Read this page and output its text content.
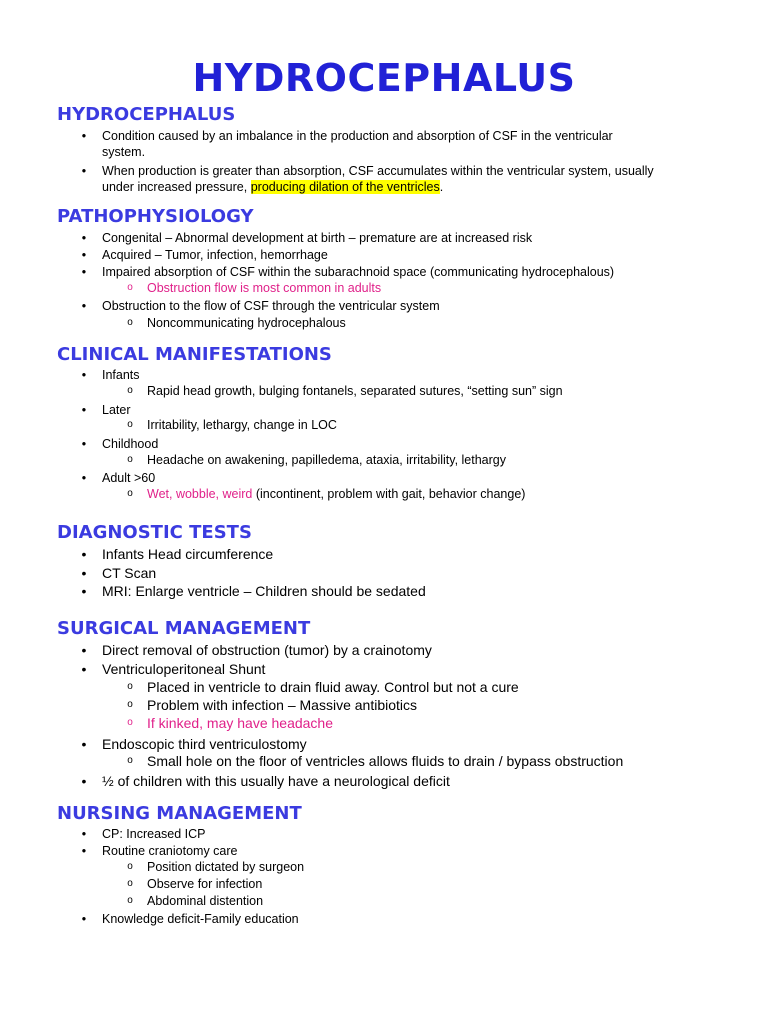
HYDROCEPHALUS
HYDROCEPHALUS
• Condition caused by an imbalance in the production and absorption of CSF in the ventricular
system.
• When production is greater than absorption, CSF accumulates within the ventricular system, usually
under increased pressure, producing dilation of the ventricles.
PATHOPHYSIOLOGY
• Congenital – Abnormal development at birth – premature are at increased risk
• Acquired – Tumor, infection, hemorrhage
• Impaired absorption of CSF within the subarachnoid space (communicating hydrocephalous)
o Obstruction flow is most common in adults
• Obstruction to the flow of CSF through the ventricular system
o Noncommunicating hydrocephalous
CLINICAL MANIFESTATIONS
• Infants
o Rapid head growth, bulging fontanels, separated sutures, “setting sun” sign
• Later
o Irritability, lethargy, change in LOC
• Childhood
o Headache on awakening, papilledema, ataxia, irritability, lethargy
• Adult >60
o Wet, wobble, weird (incontinent, problem with gait, behavior change)
DIAGNOSTIC TESTS
• Infants Head circumference
• CT Scan
• MRI: Enlarge ventricle – Children should be sedated
SURGICAL MANAGEMENT
• Direct removal of obstruction (tumor) by a crainotomy
• Ventriculoperitoneal Shunt
o Placed in ventricle to drain fluid away. Control but not a cure
o Problem with infection – Massive antibiotics
o If kinked, may have headache
• Endoscopic third ventriculostomy
o Small hole on the floor of ventricles allows fluids to drain / bypass obstruction
• ½ of children with this usually have a neurological deficit
NURSING MANAGEMENT
• CP: Increased ICP
• Routine craniotomy care
o Position dictated by surgeon
o Observe for infection
o Abdominal distention
• Knowledge deficit-Family education
